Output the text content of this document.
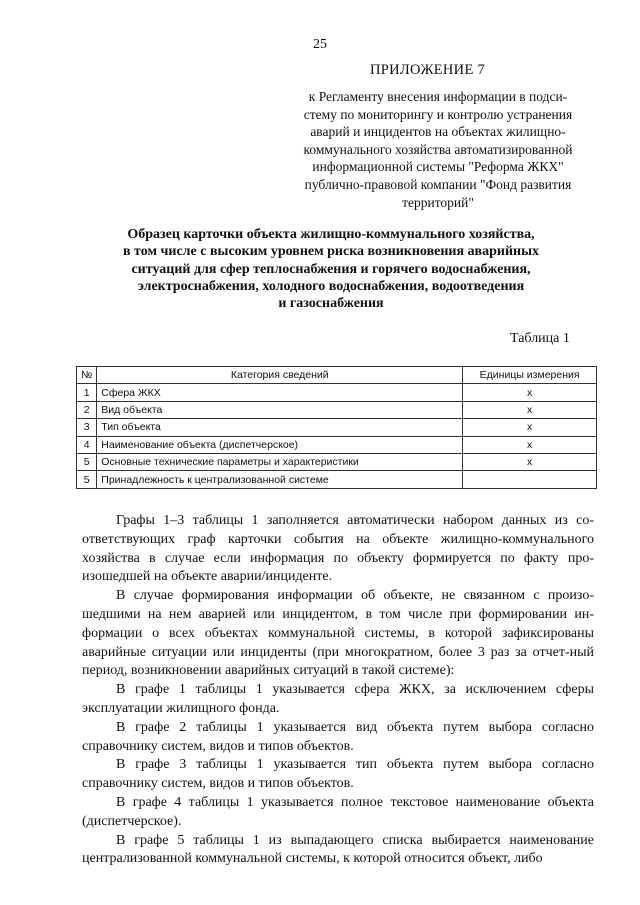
25
ПРИЛОЖЕНИЕ 7
к Регламенту внесения информации в подси-
стему по мониторингу и контролю устранения
аварий и инцидентов на объектах жилищно-
коммунального хозяйства автоматизированной
информационной системы "Реформа ЖКХ"
публично-правовой компании "Фонд развития
территорий"
Образец карточки объекта жилищно-коммунального хозяйства,
в том числе с высоким уровнем риска возникновения аварийных
ситуаций для сфер теплоснабжения и горячего водоснабжения,
электроснабжения, холодного водоснабжения, водоотведения
и газоснабжения
Таблица 1
№	Категория сведений	Единицы измерения
1	Сфера ЖКХ	x
2	Вид объекта	x
3	Тип объекта	x
4	Наименование объекта (диспетчерское)	x
5	Основные технические параметры и характеристики	x
5	Принадлежность к централизованной системе	

Графы 1–3 таблицы 1 заполняется автоматически набором данных из со-ответствующих граф карточки события на объекте жилищно-коммунального хозяйства в случае если информация по объекту формируется по факту про-изошедшей на объекте аварии/инциденте.

В случае формирования информации об объекте, не связанном с произо-шедшими на нем аварией или инцидентом, в том числе при формировании ин-формации о всех объектах коммунальной системы, в которой зафиксированы аварийные ситуации или инциденты (при многократном, более 3 раз за отчет-ный период, возникновении аварийных ситуаций в такой системе):

В графе 1 таблицы 1 указывается сфера ЖКХ, за исключением сферы эксплуатации жилищного фонда.

В графе 2 таблицы 1 указывается вид объекта путем выбора согласно справочнику систем, видов и типов объектов.

В графе 3 таблицы 1 указывается тип объекта путем выбора согласно справочнику систем, видов и типов объектов.

В графе 4 таблицы 1 указывается полное текстовое наименование объекта (диспетчерское).

В графе 5 таблицы 1 из выпадающего списка выбирается наименование централизованной коммунальной системы, к которой относится объект, либо
